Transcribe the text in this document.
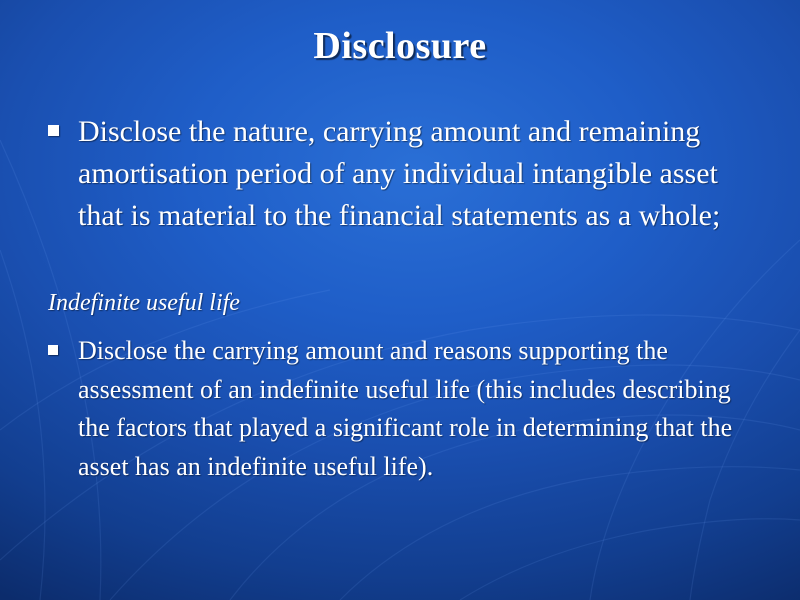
Disclosure

Disclose the nature, carrying amount and remaining amortisation period of any individual intangible asset that is material to the financial statements as a whole;

Indefinite useful life

Disclose the carrying amount and reasons supporting the assessment of an indefinite useful life (this includes describing the factors that played a significant role in determining that the asset has an indefinite useful life).
